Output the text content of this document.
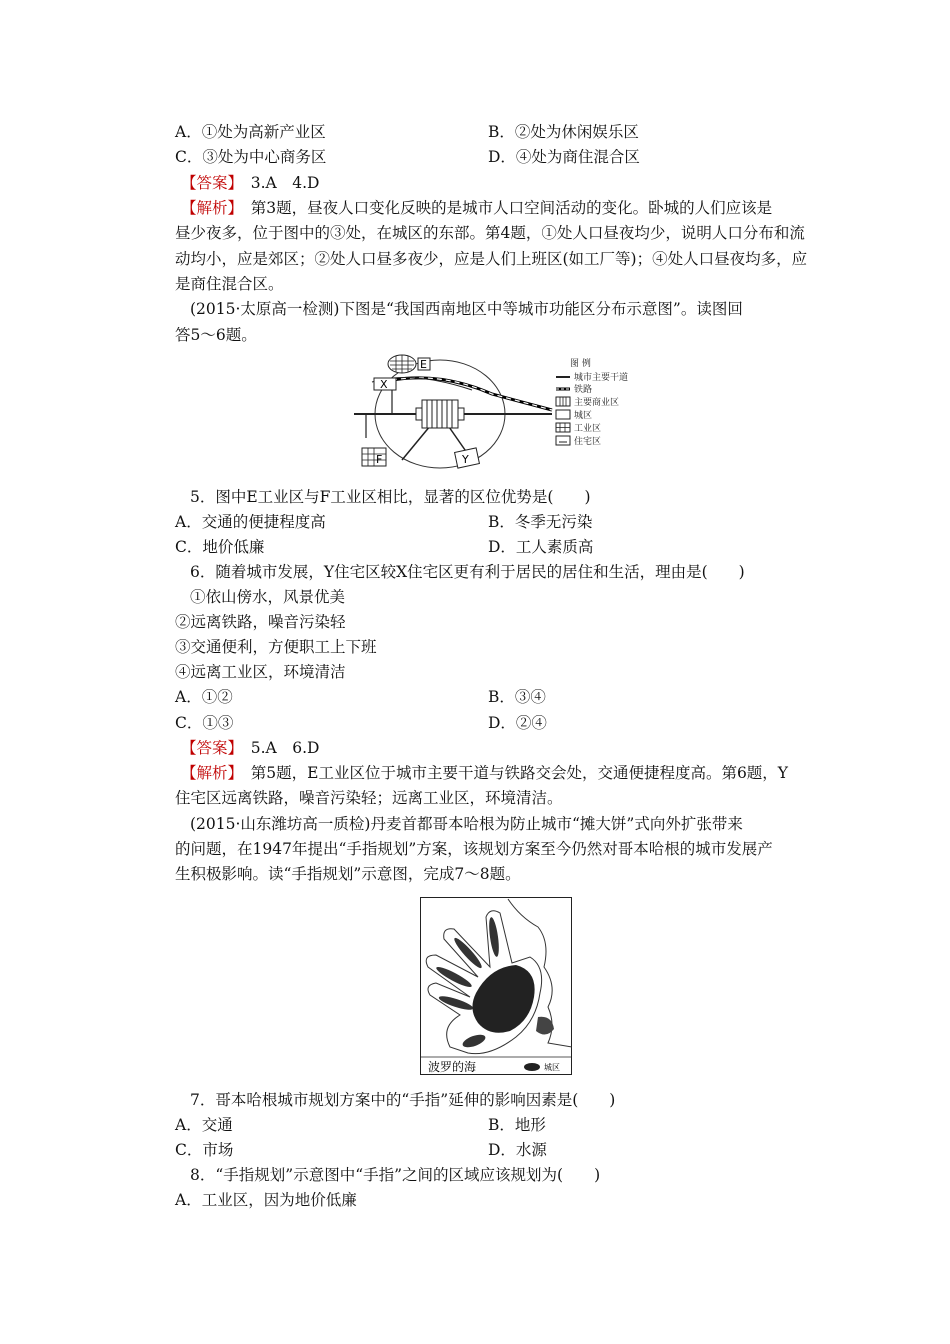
A．①处为高新产业区	B．②处为休闲娱乐区
C．③处为中心商务区	D．④处为商住混合区
【答案】　3.A　4.D
【解析】　第3题，昼夜人口变化反映的是城市人口空间活动的变化。卧城的人们应该是
昼少夜多，位于图中的③处，在城区的东部。第4题，①处人口昼夜均少，说明人口分布和流
动均小，应是郊区；②处人口昼多夜少，应是人们上班区(如工厂等)；④处人口昼夜均多，应
是商住混合区。
(2015·太原高一检测)下图是“我国西南地区中等城市功能区分布示意图”。读图回
答5～6题。
E
X
F	Y
图 例
城市主要干道
铁路
主要商业区
城区
工业区
住宅区
5．图中E工业区与F工业区相比，显著的区位优势是(　　)
A．交通的便捷程度高	B．冬季无污染
C．地价低廉	D．工人素质高
6．随着城市发展，Y住宅区较X住宅区更有利于居民的居住和生活，理由是(　　)
①依山傍水，风景优美
②远离铁路，噪音污染轻
③交通便利，方便职工上下班
④远离工业区，环境清洁
A．①②	B．③④
C．①③	D．②④
【答案】　5.A　6.D
【解析】　第5题，E工业区位于城市主要干道与铁路交会处，交通便捷程度高。第6题，Y
住宅区远离铁路，噪音污染轻；远离工业区，环境清洁。
(2015·山东潍坊高一质检)丹麦首都哥本哈根为防止城市“摊大饼”式向外扩张带来
的问题，在1947年提出“手指规划”方案，该规划方案至今仍然对哥本哈根的城市发展产
生积极影响。读“手指规划”示意图，完成7～8题。
波罗的海	城区
7．哥本哈根城市规划方案中的“手指”延伸的影响因素是(　　)
A．交通	B．地形
C．市场	D．水源
8．“手指规划”示意图中“手指”之间的区域应该规划为(　　)
A．工业区，因为地价低廉
